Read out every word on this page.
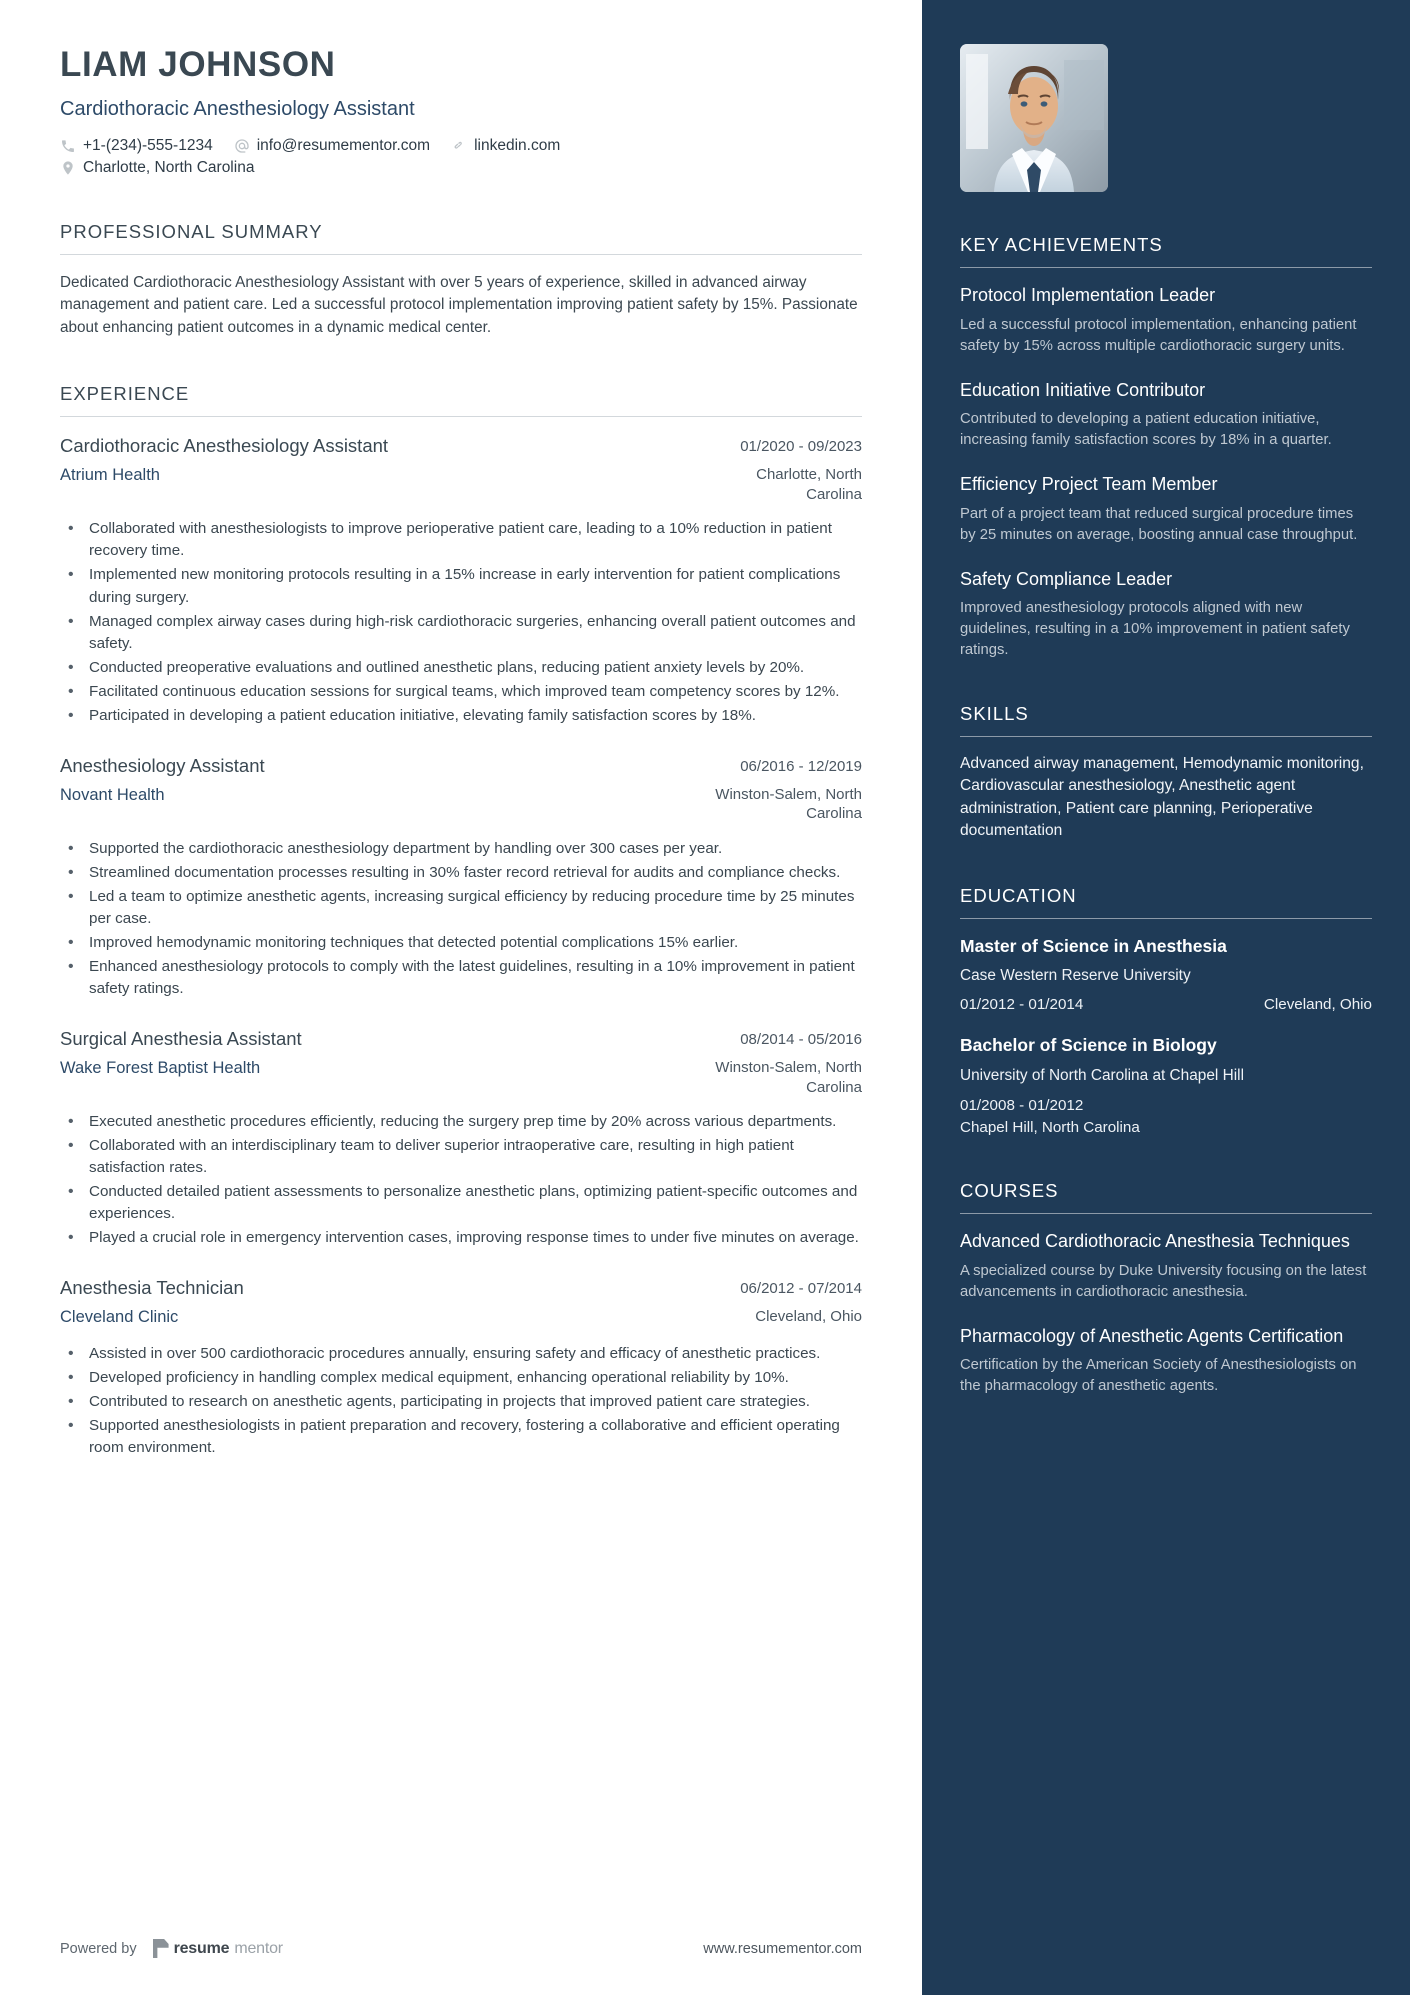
LIAM JOHNSON
Cardiothoracic Anesthesiology Assistant
+1-(234)-555-1234	info@resumementor.com	linkedin.com
Charlotte, North Carolina
PROFESSIONAL SUMMARY
Dedicated Cardiothoracic Anesthesiology Assistant with over 5 years of experience, skilled in advanced airway management and patient care. Led a successful protocol implementation improving patient safety by 15%. Passionate about enhancing patient outcomes in a dynamic medical center.
EXPERIENCE
Cardiothoracic Anesthesiology Assistant	01/2020 - 09/2023
Atrium Health	Charlotte, North Carolina
• Collaborated with anesthesiologists to improve perioperative patient care, leading to a 10% reduction in patient recovery time.
• Implemented new monitoring protocols resulting in a 15% increase in early intervention for patient complications during surgery.
• Managed complex airway cases during high-risk cardiothoracic surgeries, enhancing overall patient outcomes and safety.
• Conducted preoperative evaluations and outlined anesthetic plans, reducing patient anxiety levels by 20%.
• Facilitated continuous education sessions for surgical teams, which improved team competency scores by 12%.
• Participated in developing a patient education initiative, elevating family satisfaction scores by 18%.
Anesthesiology Assistant	06/2016 - 12/2019
Novant Health	Winston-Salem, North Carolina
• Supported the cardiothoracic anesthesiology department by handling over 300 cases per year.
• Streamlined documentation processes resulting in 30% faster record retrieval for audits and compliance checks.
• Led a team to optimize anesthetic agents, increasing surgical efficiency by reducing procedure time by 25 minutes per case.
• Improved hemodynamic monitoring techniques that detected potential complications 15% earlier.
• Enhanced anesthesiology protocols to comply with the latest guidelines, resulting in a 10% improvement in patient safety ratings.
Surgical Anesthesia Assistant	08/2014 - 05/2016
Wake Forest Baptist Health	Winston-Salem, North Carolina
• Executed anesthetic procedures efficiently, reducing the surgery prep time by 20% across various departments.
• Collaborated with an interdisciplinary team to deliver superior intraoperative care, resulting in high patient satisfaction rates.
• Conducted detailed patient assessments to personalize anesthetic plans, optimizing patient-specific outcomes and experiences.
• Played a crucial role in emergency intervention cases, improving response times to under five minutes on average.
Anesthesia Technician	06/2012 - 07/2014
Cleveland Clinic	Cleveland, Ohio
• Assisted in over 500 cardiothoracic procedures annually, ensuring safety and efficacy of anesthetic practices.
• Developed proficiency in handling complex medical equipment, enhancing operational reliability by 10%.
• Contributed to research on anesthetic agents, participating in projects that improved patient care strategies.
• Supported anesthesiologists in patient preparation and recovery, fostering a collaborative and efficient operating room environment.
Powered by resume mentor	www.resumementor.com
KEY ACHIEVEMENTS
Protocol Implementation Leader
Led a successful protocol implementation, enhancing patient safety by 15% across multiple cardiothoracic surgery units.
Education Initiative Contributor
Contributed to developing a patient education initiative, increasing family satisfaction scores by 18% in a quarter.
Efficiency Project Team Member
Part of a project team that reduced surgical procedure times by 25 minutes on average, boosting annual case throughput.
Safety Compliance Leader
Improved anesthesiology protocols aligned with new guidelines, resulting in a 10% improvement in patient safety ratings.
SKILLS
Advanced airway management, Hemodynamic monitoring, Cardiovascular anesthesiology, Anesthetic agent administration, Patient care planning, Perioperative documentation
EDUCATION
Master of Science in Anesthesia
Case Western Reserve University
01/2012 - 01/2014	Cleveland, Ohio
Bachelor of Science in Biology
University of North Carolina at Chapel Hill
01/2008 - 01/2012
Chapel Hill, North Carolina
COURSES
Advanced Cardiothoracic Anesthesia Techniques
A specialized course by Duke University focusing on the latest advancements in cardiothoracic anesthesia.
Pharmacology of Anesthetic Agents Certification
Certification by the American Society of Anesthesiologists on the pharmacology of anesthetic agents.
